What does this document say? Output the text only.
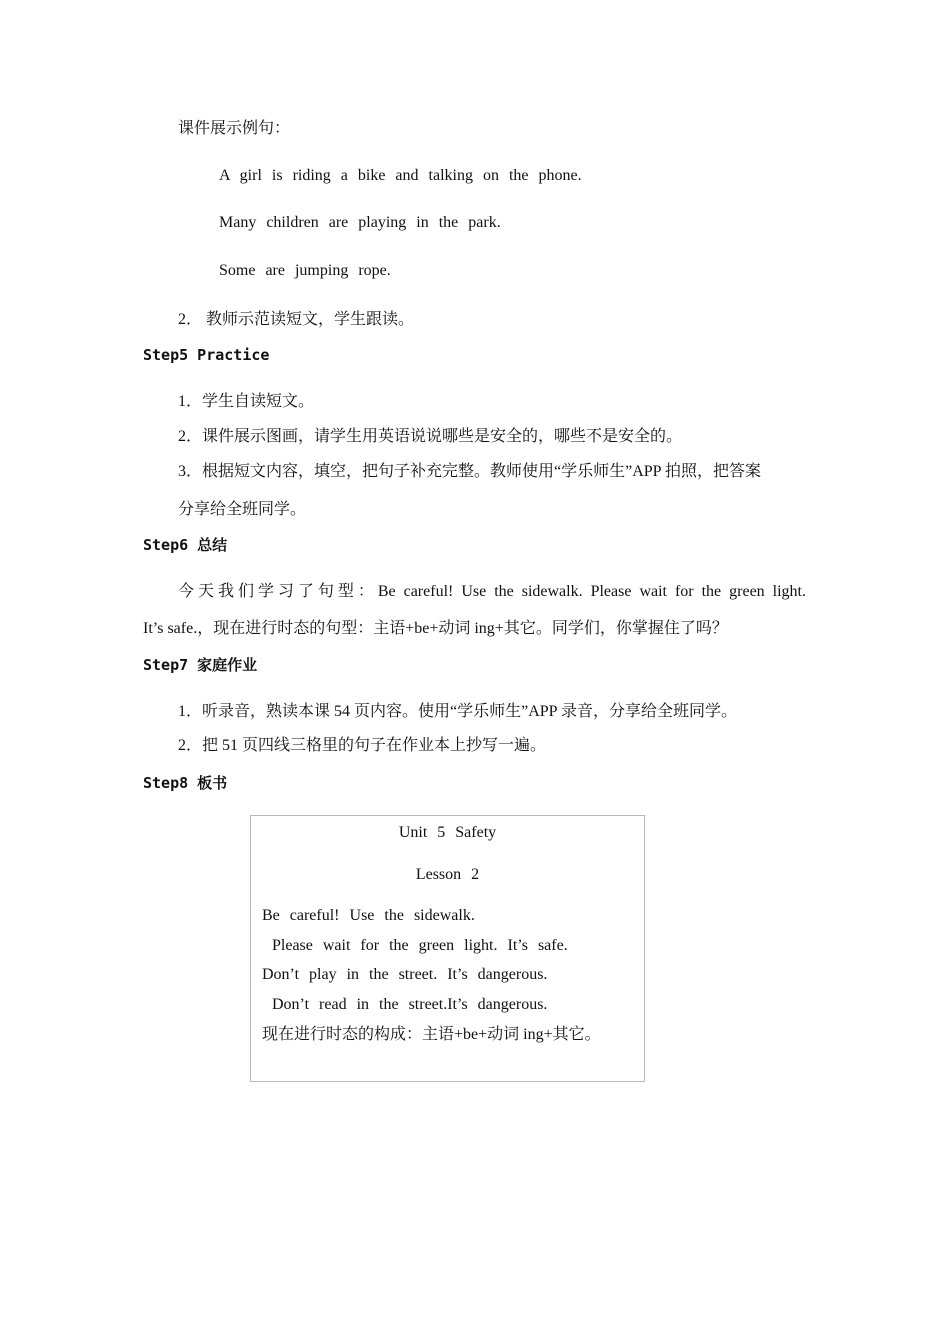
课件展示例句：
A girl is riding a bike and talking on the phone.
Many children are playing in the park.
Some are jumping rope.
2． 教师示范读短文，学生跟读。
Step5 Practice
1．学生自读短文。
2．课件展示图画，请学生用英语说说哪些是安全的，哪些不是安全的。
3．根据短文内容，填空，把句子补充完整。教师使用“学乐师生”APP 拍照，把答案
分享给全班同学。
Step6 总结
今天我们学习了句型：Be careful! Use the sidewalk. Please wait for the green light.
It’s safe.，现在进行时态的句型：主语+be+动词 ing+其它。同学们，你掌握住了吗？
Step7 家庭作业
1．听录音，熟读本课 54 页内容。使用“学乐师生”APP 录音，分享给全班同学。
2．把 51 页四线三格里的句子在作业本上抄写一遍。
Step8 板书
Unit 5 Safety
Lesson 2
Be careful! Use the sidewalk.
Please wait for the green light. It’s safe.
Don’t play in the street. It’s dangerous.
Don’t read in the street.It’s dangerous.
现在进行时态的构成：主语+be+动词 ing+其它。
